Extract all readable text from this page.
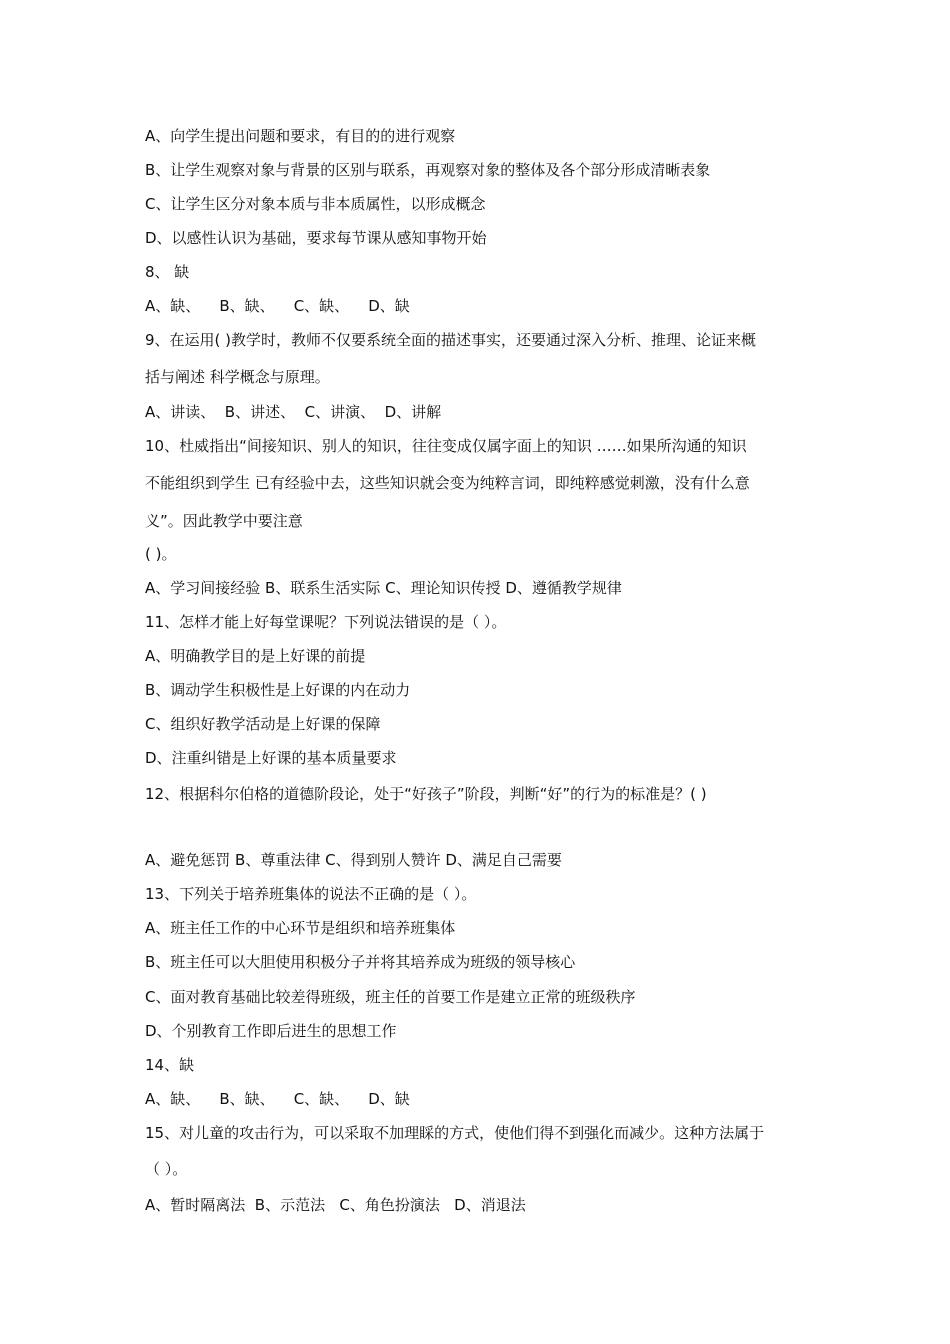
A、向学生提出问题和要求，有目的的进行观察

B、让学生观察对象与背景的区别与联系，再观察对象的整体及各个部分形成清晰表象

C、让学生区分对象本质与非本质属性，以形成概念

D、以感性认识为基础，要求每节课从感知事物开始

8、 缺

A、缺、    B、缺、    C、缺、    D、缺

9、在运用( )教学时，教师不仅要系统全面的描述事实，还要通过深入分析、推理、论证来概

括与阐述 科学概念与原理。

A、讲读、  B、讲述、  C、讲演、  D、讲解

10、杜威指出“间接知识、别人的知识，往往变成仅属字面上的知识 ……如果所沟通的知识

不能组织到学生 已有经验中去，这些知识就会变为纯粹言词，即纯粹感觉刺激，没有什么意

义”。因此教学中要注意

( )。

A、学习间接经验 B、联系生活实际 C、理论知识传授 D、遵循教学规律

11、怎样才能上好每堂课呢？下列说法错误的是（ ）。

A、明确教学目的是上好课的前提

B、调动学生积极性是上好课的内在动力

C、组织好教学活动是上好课的保障

D、注重纠错是上好课的基本质量要求

12、根据科尔伯格的道德阶段论，处于“好孩子”阶段，判断“好”的行为的标准是？( )

A、避免惩罚 B、尊重法律 C、得到别人赞许 D、满足自己需要

13、下列关于培养班集体的说法不正确的是（ ）。

A、班主任工作的中心环节是组织和培养班集体

B、班主任可以大胆使用积极分子并将其培养成为班级的领导核心

C、面对教育基础比较差得班级，班主任的首要工作是建立正常的班级秩序

D、个别教育工作即后进生的思想工作

14、缺

A、缺、    B、缺、    C、缺、    D、缺

15、对儿童的攻击行为，可以采取不加理睬的方式，使他们得不到强化而减少。这种方法属于

（ ）。

A、暂时隔离法  B、示范法   C、角色扮演法   D、消退法
